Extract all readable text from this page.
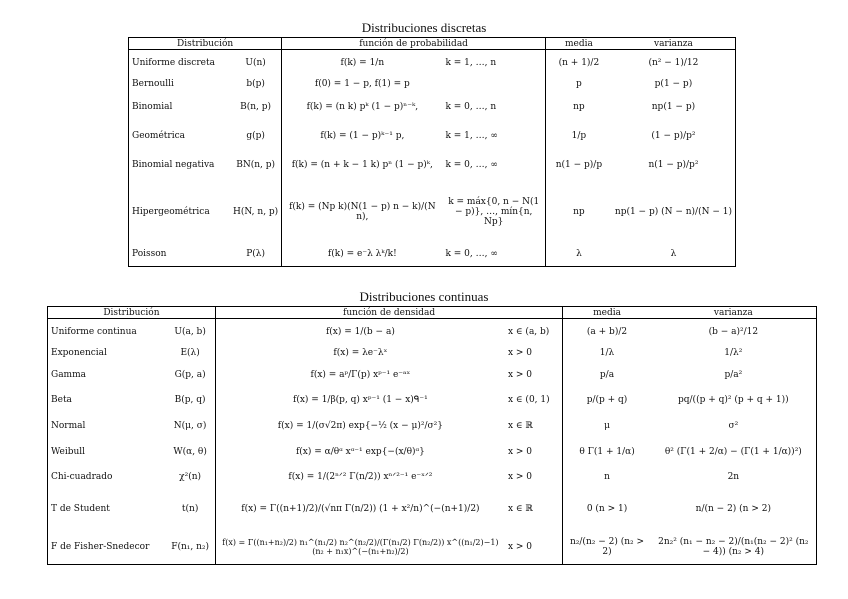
Distribuciones discretas
Distribución		función de probabilidad		media	varianza
Uniforme discreta	U(n)	f(k) = 1/n	k = 1, …, n	(n + 1)/2	(n² − 1)/12
Bernoulli	b(p)	f(0) = 1 − p, f(1) = p		p	p(1 − p)
Binomial	B(n, p)	f(k) = (n k) pᵏ (1 − p)ⁿ⁻ᵏ,	k = 0, …, n	np	np(1 − p)
Geométrica	g(p)	f(k) = (1 − p)ᵏ⁻¹ p,	k = 1, …, ∞	1/p	(1 − p)/p²
Binomial negativa	BN(n, p)	f(k) = (n + k − 1 k) pⁿ (1 − p)ᵏ,	k = 0, …, ∞	n(1 − p)/p	n(1 − p)/p²
Hipergeométrica	H(N, n, p)	f(k) = (Np k)(N(1 − p) n − k)/(N n),	k = máx{0, n − N(1 − p)}, …, mín{n, Np}	np	np(1 − p) (N − n)/(N − 1)
Poisson	P(λ)	f(k) = e⁻λ λᵏ/k!	k = 0, …, ∞	λ	λ
Distribuciones continuas
Distribución		función de densidad		media	varianza
Uniforme continua	U(a, b)	f(x) = 1/(b − a)	x ∈ (a, b)	(a + b)/2	(b − a)²/12
Exponencial	E(λ)	f(x) = λe⁻λˣ	x > 0	1/λ	1/λ²
Gamma	G(p, a)	f(x) = aᵖ/Γ(p) xᵖ⁻¹ e⁻ᵃˣ	x > 0	p/a	p/a²
Beta	B(p, q)	f(x) = 1/β(p, q) xᵖ⁻¹ (1 − x)ᑫ⁻¹	x ∈ (0, 1)	p/(p + q)	pq/((p + q)² (p + q + 1))
Normal	N(μ, σ)	f(x) = 1/(σ√2π) exp{−½ (x − μ)²/σ²}	x ∈ ℝ	μ	σ²
Weibull	W(α, θ)	f(x) = α/θᵅ xᵅ⁻¹ exp{−(x/θ)ᵅ}	x > 0	θ Γ(1 + 1/α)	θ² (Γ(1 + 2/α) − (Γ(1 + 1/α))²)
Chi-cuadrado	χ²(n)	f(x) = 1/(2ⁿᐟ² Γ(n/2)) xⁿᐟ²⁻¹ e⁻ˣᐟ²	x > 0	n	2n
T de Student	t(n)	f(x) = Γ((n+1)/2)/(√nπ Γ(n/2)) (1 + x²/n)^(−(n+1)/2)	x ∈ ℝ	0 (n > 1)	n/(n − 2) (n > 2)
F de Fisher-Snedecor	F(n₁, n₂)	f(x) = Γ((n₁+n₂)/2) n₁^(n₁/2) n₂^(n₂/2)/(Γ(n₁/2) Γ(n₂/2)) x^((n₁/2)−1) (n₂ + n₁x)^(−(n₁+n₂)/2)	x > 0	n₂/(n₂ − 2) (n₂ > 2)	2n₂² (n₁ − n₂ − 2)/(n₁(n₂ − 2)² (n₂ − 4)) (n₂ > 4)
